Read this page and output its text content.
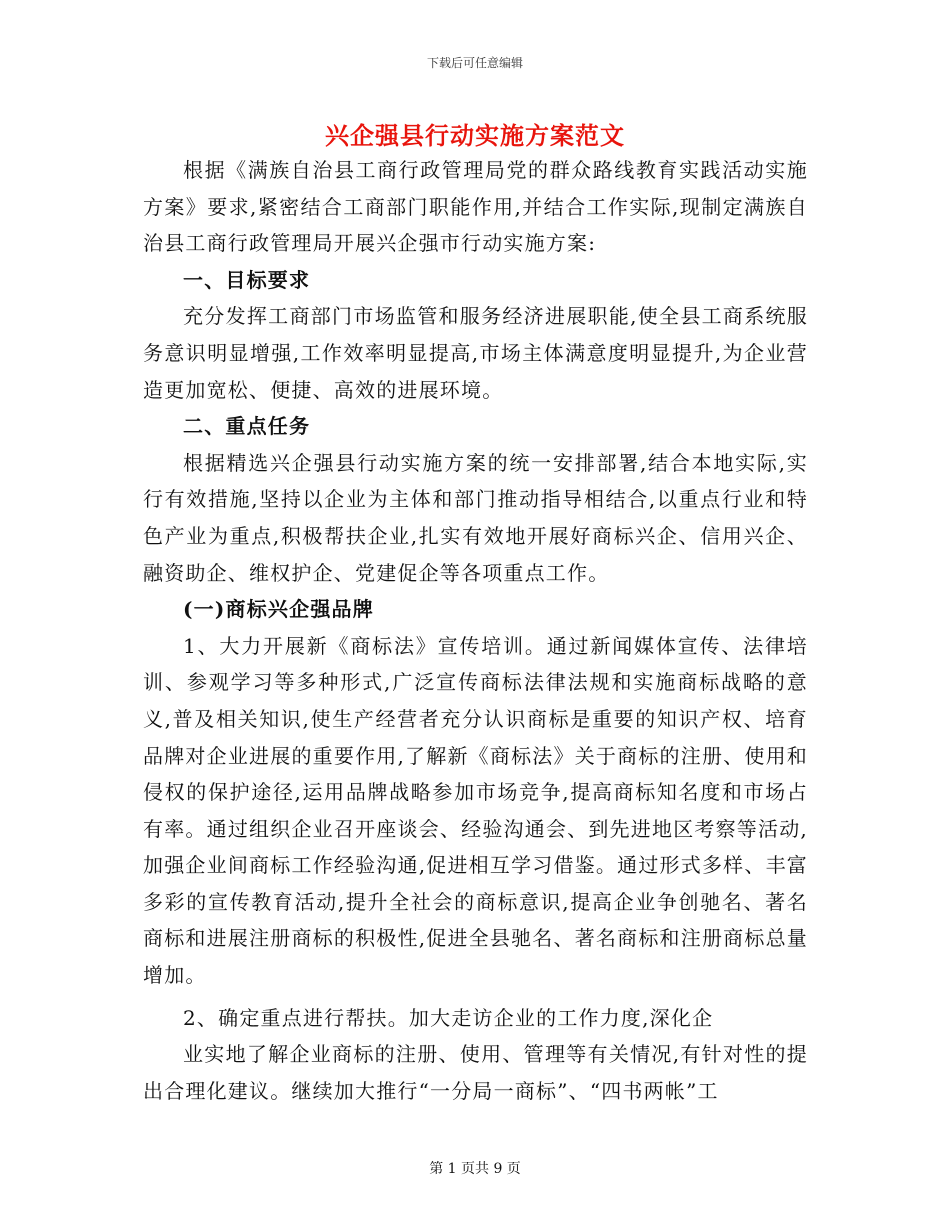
下载后可任意编辑
兴企强县行动实施方案范文

根据《满族自治县工商行政管理局党的群众路线教育实践活动实施方案》要求,紧密结合工商部门职能作用,并结合工作实际,现制定满族自治县工商行政管理局开展兴企强市行动实施方案:

一、目标要求

充分发挥工商部门市场监管和服务经济进展职能,使全县工商系统服务意识明显增强,工作效率明显提高,市场主体满意度明显提升,为企业营造更加宽松、便捷、高效的进展环境。

二、重点任务

根据精选兴企强县行动实施方案的统一安排部署,结合本地实际,实行有效措施,坚持以企业为主体和部门推动指导相结合,以重点行业和特色产业为重点,积极帮扶企业,扎实有效地开展好商标兴企、信用兴企、融资助企、维权护企、党建促企等各项重点工作。

(一)商标兴企强品牌

1、大力开展新《商标法》宣传培训。通过新闻媒体宣传、法律培训、参观学习等多种形式,广泛宣传商标法律法规和实施商标战略的意义,普及相关知识,使生产经营者充分认识商标是重要的知识产权、培育品牌对企业进展的重要作用,了解新《商标法》关于商标的注册、使用和侵权的保护途径,运用品牌战略参加市场竞争,提高商标知名度和市场占有率。通过组织企业召开座谈会、经验沟通会、到先进地区考察等活动,加强企业间商标工作经验沟通,促进相互学习借鉴。通过形式多样、丰富多彩的宣传教育活动,提升全社会的商标意识,提高企业争创驰名、著名商标和进展注册商标的积极性,促进全县驰名、著名商标和注册商标总量增加。

2、确定重点进行帮扶。加大走访企业的工作力度,深化企

业实地了解企业商标的注册、使用、管理等有关情况,有针对性的提出合理化建议。继续加大推行“一分局一商标”、“四书两帐”工

第 1 页共 9 页
